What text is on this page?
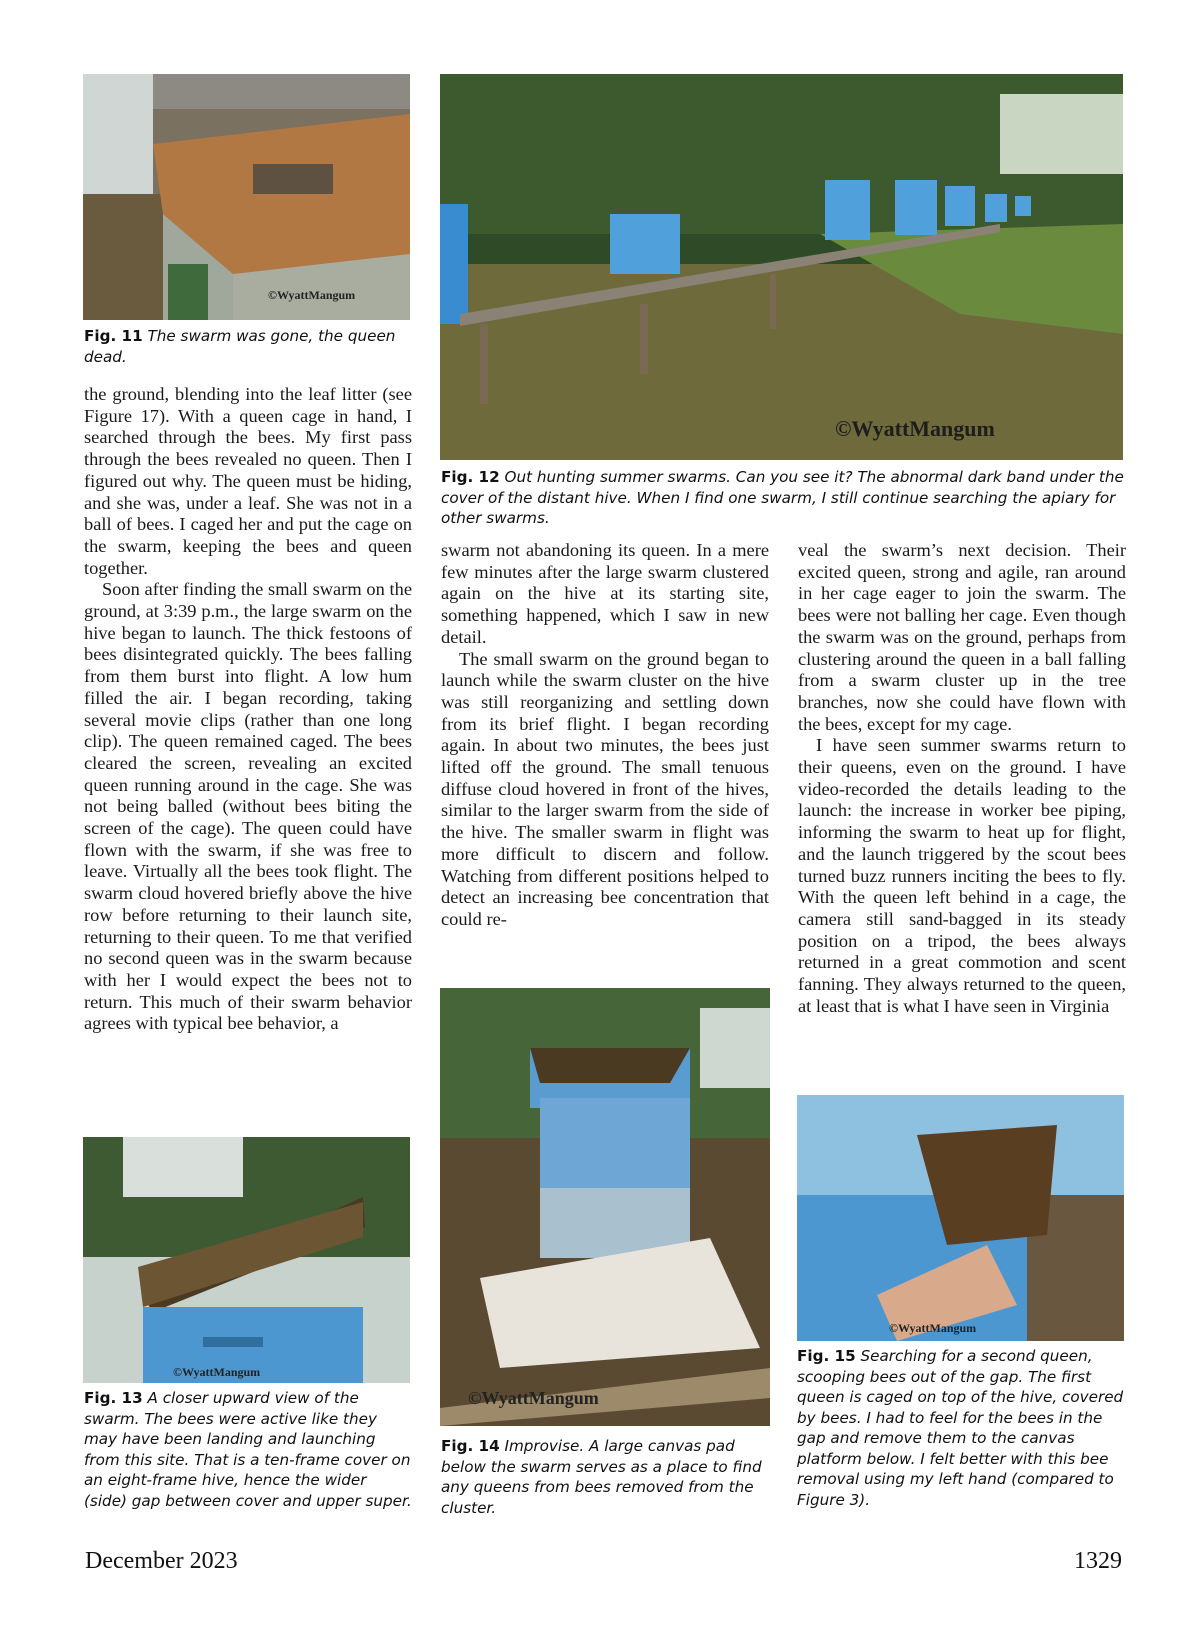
©WyattMangum
Fig. 11 The swarm was gone, the queen dead.
©WyattMangum
Fig. 12 Out hunting summer swarms. Can you see it? The abnormal dark band under the cover of the distant hive. When I find one swarm, I still continue searching the apiary for other swarms.

the ground, blending into the leaf litter (see Figure 17). With a queen cage in hand, I searched through the bees. My first pass through the bees revealed no queen. Then I figured out why. The queen must be hiding, and she was, under a leaf. She was not in a ball of bees. I caged her and put the cage on the swarm, keeping the bees and queen together.

Soon after finding the small swarm on the ground, at 3:39 p.m., the large swarm on the hive began to launch. The thick festoons of bees disintegrated quickly. The bees falling from them burst into flight. A low hum filled the air. I began recording, taking several movie clips (rather than one long clip). The queen remained caged. The bees cleared the screen, revealing an excited queen running around in the cage. She was not being balled (without bees biting the screen of the cage). The queen could have flown with the swarm, if she was free to leave. Virtually all the bees took flight. The swarm cloud hovered briefly above the hive row before returning to their launch site, returning to their queen. To me that verified no second queen was in the swarm because with her I would expect the bees not to return. This much of their swarm behavior agrees with typical bee behavior, a

swarm not abandoning its queen. In a mere few minutes after the large swarm clustered again on the hive at its starting site, something happened, which I saw in new detail.

The small swarm on the ground began to launch while the swarm cluster on the hive was still reorganizing and settling down from its brief flight. I began recording again. In about two minutes, the bees just lifted off the ground. The small tenuous diffuse cloud hovered in front of the hives, similar to the larger swarm from the side of the hive. The smaller swarm in flight was more difficult to discern and follow. Watching from different positions helped to detect an increasing bee concentration that could re-

veal the swarm’s next decision. Their excited queen, strong and agile, ran around in her cage eager to join the swarm. The bees were not balling her cage. Even though the swarm was on the ground, perhaps from clustering around the queen in a ball falling from a swarm cluster up in the tree branches, now she could have flown with the bees, except for my cage.

I have seen summer swarms return to their queens, even on the ground. I have video-recorded the details leading to the launch: the increase in worker bee piping, informing the swarm to heat up for flight, and the launch triggered by the scout bees turned buzz runners inciting the bees to fly. With the queen left behind in a cage, the camera still sand-bagged in its steady position on a tripod, the bees always returned in a great commotion and scent fanning. They always returned to the queen, at least that is what I have seen in Virginia

©WyattMangum
Fig. 13 A closer upward view of the swarm. The bees were active like they may have been landing and launching from this site. That is a ten-frame cover on an eight-frame hive, hence the wider (side) gap between cover and upper super.
©WyattMangum
Fig. 14 Improvise. A large canvas pad below the swarm serves as a place to find any queens from bees removed from the cluster.
©WyattMangum
Fig. 15 Searching for a second queen, scooping bees out of the gap. The first queen is caged on top of the hive, covered by bees. I had to feel for the bees in the gap and remove them to the canvas platform below. I felt better with this bee removal using my left hand (compared to Figure 3).
December 2023	1329
